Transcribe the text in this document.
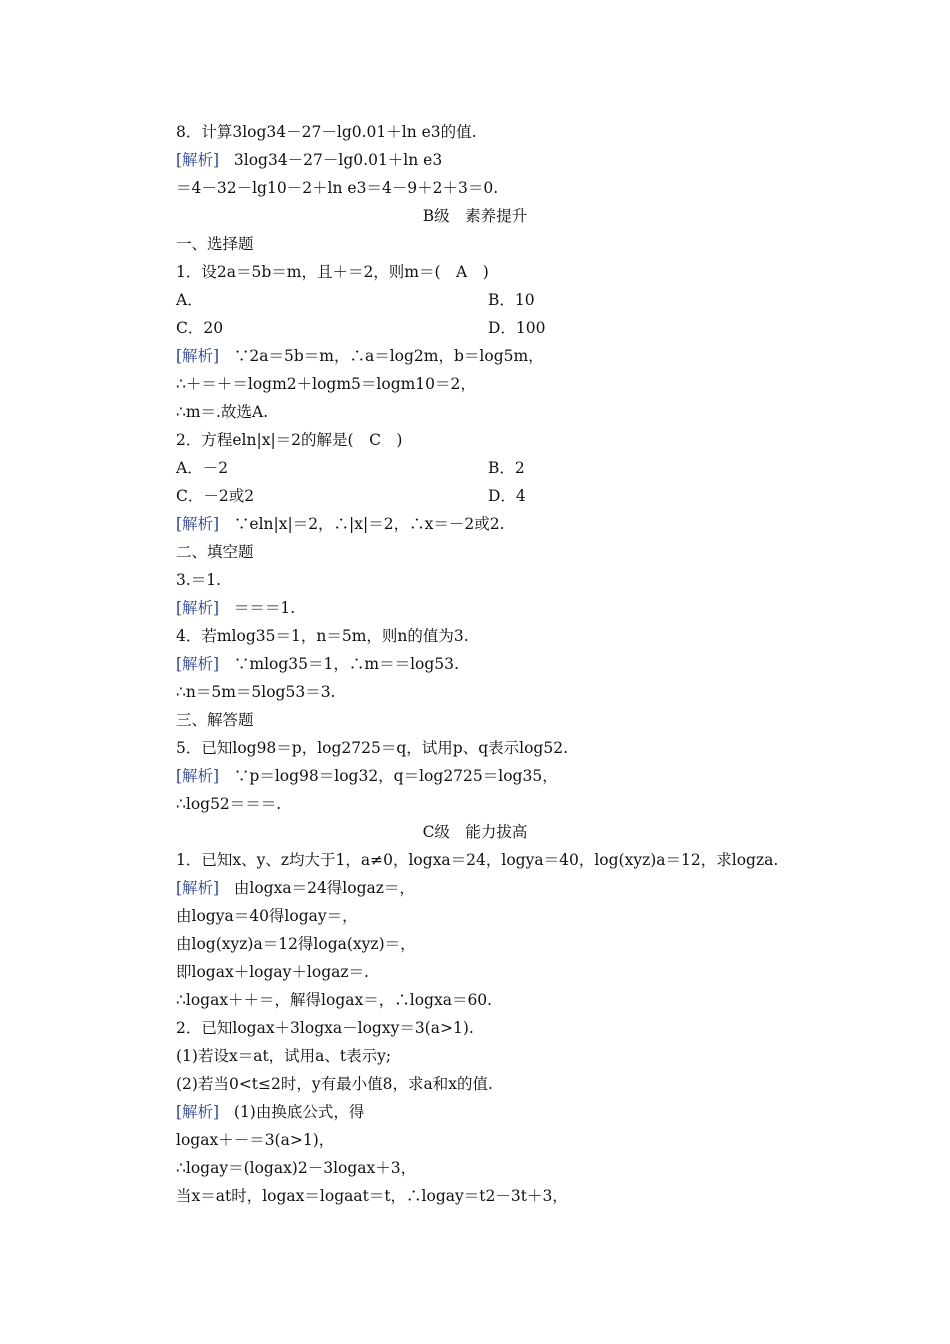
8．计算3log34－27－lg0.01＋ln e3的值.
[解析] 3log34－27－lg0.01＋ln e3
＝4－32－lg10－2＋ln e3＝4－9＋2＋3＝0.
B级　素养提升
一、选择题
1．设2a＝5b＝m，且＋＝2，则m＝(　A　)
A．	B．10
C．20	D．100
[解析] ∵2a＝5b＝m，∴a＝log2m，b＝log5m，
∴＋＝＋＝logm2＋logm5＝logm10＝2，
∴m＝.故选A.
2．方程eln|x|＝2的解是(　C　)
A．－2	B．2
C．－2或2	D．4
[解析] ∵eln|x|＝2，∴|x|＝2，∴x＝－2或2.
二、填空题
3.＝1.
[解析] ＝＝＝1.
4．若mlog35＝1，n＝5m，则n的值为3.
[解析] ∵mlog35＝1，∴m＝＝log53.
∴n＝5m＝5log53＝3.
三、解答题
5．已知log98＝p，log2725＝q，试用p、q表示log52.
[解析] ∵p＝log98＝log32，q＝log2725＝log35，
∴log52＝＝＝.
C级　能力拔高
1．已知x、y、z均大于1，a≠0，logxa＝24，logya＝40，log(xyz)a＝12，求logza.
[解析] 由logxa＝24得logaz＝，
由logya＝40得logay＝，
由log(xyz)a＝12得loga(xyz)＝，
即logax＋logay＋logaz＝.
∴logax＋＋＝，解得logax＝，∴logxa＝60.
2．已知logax＋3logxa－logxy＝3(a>1).
(1)若设x＝at，试用a、t表示y;
(2)若当0<t≤2时，y有最小值8，求a和x的值.
[解析] (1)由换底公式，得
logax＋－＝3(a>1)，
∴logay＝(logax)2－3logax＋3，
当x＝at时，logax＝logaat＝t，∴logay＝t2－3t＋3，
